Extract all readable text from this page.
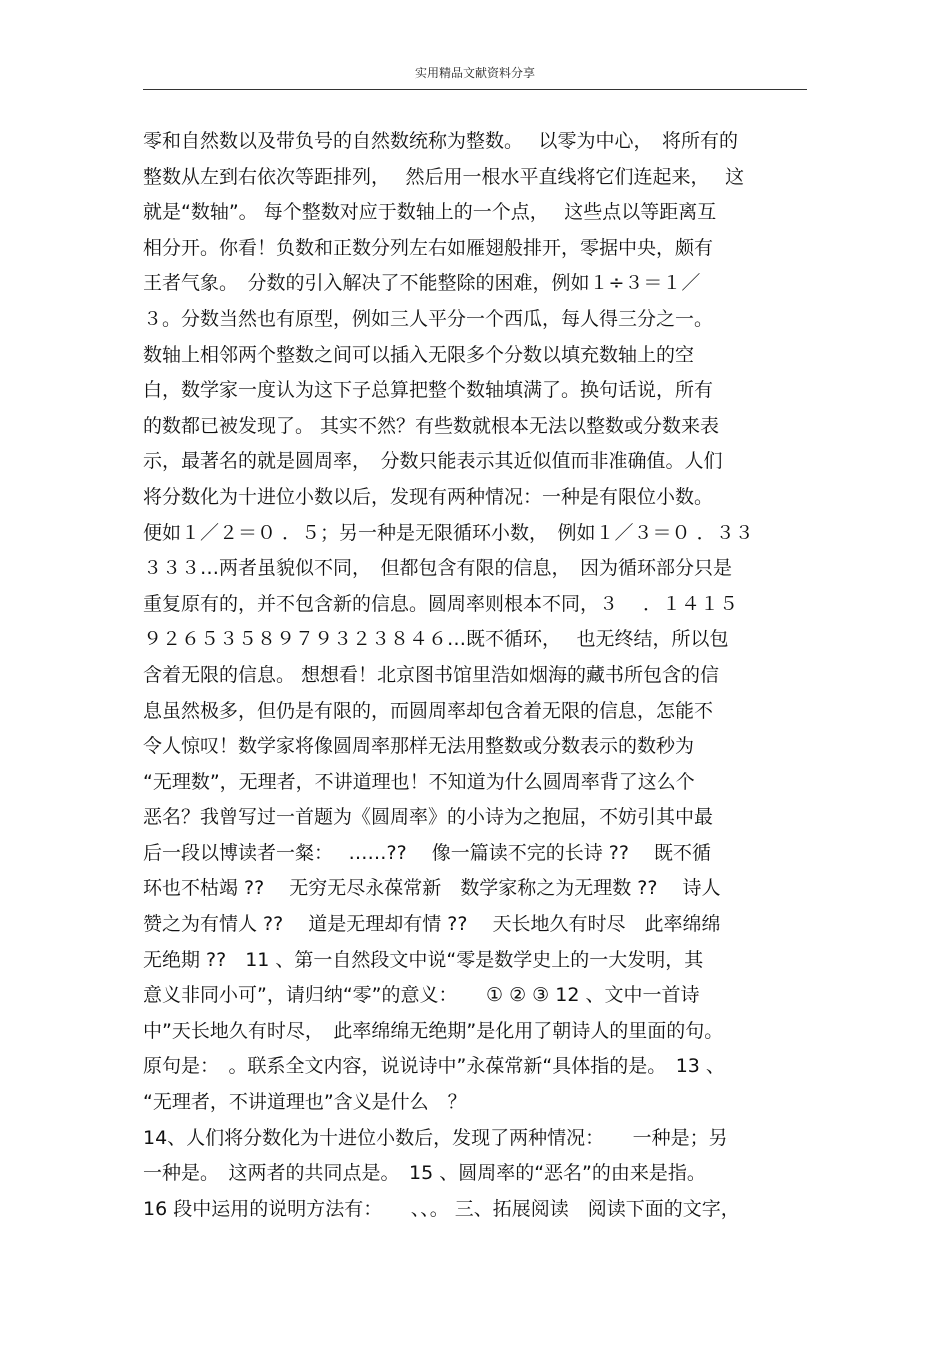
实用精品文献资料分享
零和自然数以及带负号的自然数统称为整数。　 以零为中心，　将所有的
整数从左到右依次等距排列，　 然后用一根水平直线将它们连起来，　 这
就是“数轴”。 每个整数对应于数轴上的一个点，　 这些点以等距离互
相分开。你看！负数和正数分列左右如雁翅般排开，零据中央，颇有
王者气象。　分数的引入解决了不能整除的困难，例如１÷３＝１／
３。分数当然也有原型，例如三人平分一个西瓜，每人得三分之一。
数轴上相邻两个整数之间可以插入无限多个分数以填充数轴上的空
白，数学家一度认为这下子总算把整个数轴填满了。换句话说，所有
的数都已被发现了。 其实不然？有些数就根本无法以整数或分数来表
示，最著名的就是圆周率，　分数只能表示其近似值而非准确值。人们
将分数化为十进位小数以后，发现有两种情况：一种是有限位小数。
便如１／２＝０ ．５；另一种是无限循环小数，　例如１／３＝０ ．３３
３３３…两者虽貌似不同，　但都包含有限的信息，　因为循环部分只是
重复原有的，并不包含新的信息。圆周率则根本不同，３　 ．１４１５
９２６５３５８９７９３２３８４６…既不循环，　 也无终结，所以包
含着无限的信息。 想想看！北京图书馆里浩如烟海的藏书所包含的信
息虽然极多，但仍是有限的，而圆周率却包含着无限的信息，怎能不
令人惊叹！数学家将像圆周率那样无法用整数或分数表示的数秒为
“无理数”，无理者，不讲道理也！不知道为什么圆周率背了这么个
恶名？我曾写过一首题为《圆周率》的小诗为之抱屈，不妨引其中最
后一段以博读者一粲：　 ……??　 像一篇读不完的长诗 ??　 既不循
环也不枯竭 ??　 无穷无尽永葆常新　数学家称之为无理数 ??　 诗人
赞之为有情人 ??　 道是无理却有情 ??　 天长地久有时尽　此率绵绵
无绝期 ??　11 、第一自然段文中说“零是数学史上的一大发明，其
意义非同小可”，请归纳“零”的意义：　　① ② ③ 12 、文中一首诗
中”天长地久有时尽，　此率绵绵无绝期”是化用了朝诗人的里面的句。
原句是：　。联系全文内容，说说诗中”永葆常新“具体指的是。　13 、
“无理者，不讲道理也”含义是什么　？
14、人们将分数化为十进位小数后，发现了两种情况：　　一种是；另
一种是。　这两者的共同点是。　15 、圆周率的“恶名”的由来是指。
16 段中运用的说明方法有：　　、、。 三、拓展阅读　阅读下面的文字，
